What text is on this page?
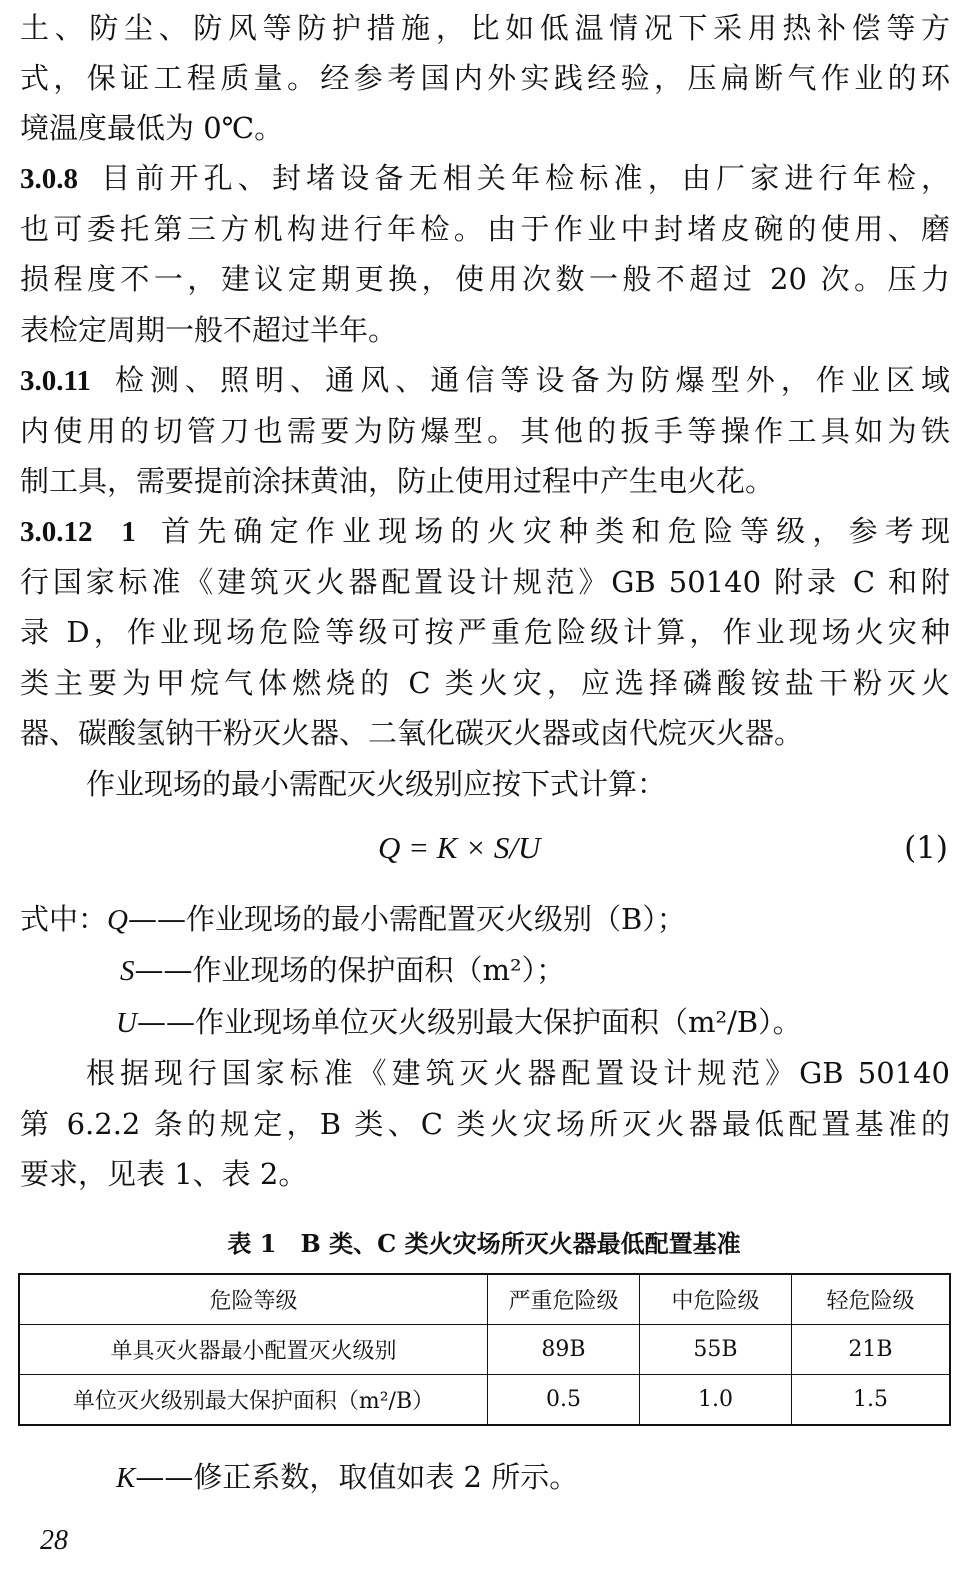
土、防尘、防风等防护措施，比如低温情况下采用热补偿等方
式，保证工程质量。经参考国内外实践经验，压扁断气作业的环
境温度最低为 0℃。
3.0.8 目前开孔、封堵设备无相关年检标准，由厂家进行年检，
也可委托第三方机构进行年检。由于作业中封堵皮碗的使用、磨
损程度不一，建议定期更换，使用次数一般不超过 20 次。压力
表检定周期一般不超过半年。
3.0.11 检测、照明、通风、通信等设备为防爆型外，作业区域
内使用的切管刀也需要为防爆型。其他的扳手等操作工具如为铁
制工具，需要提前涂抹黄油，防止使用过程中产生电火花。
3.0.12  1 首先确定作业现场的火灾种类和危险等级，参考现
行国家标准《建筑灭火器配置设计规范》GB 50140 附录 C 和附
录 D，作业现场危险等级可按严重危险级计算，作业现场火灾种
类主要为甲烷气体燃烧的 C 类火灾，应选择磷酸铵盐干粉灭火
器、碳酸氢钠干粉灭火器、二氧化碳灭火器或卤代烷灭火器。
作业现场的最小需配灭火级别应按下式计算：
Q = K × S/U	(1)
式中：Q——作业现场的最小需配置灭火级别（B）；
S——作业现场的保护面积（m²）；
U——作业现场单位灭火级别最大保护面积（m²/B）。
根据现行国家标准《建筑灭火器配置设计规范》GB 50140
第 6.2.2 条的规定，B 类、C 类火灾场所灭火器最低配置基准的
要求，见表 1、表 2。
表 1　B 类、C 类火灾场所灭火器最低配置基准
危险等级	严重危险级	中危险级	轻危险级
单具灭火器最小配置灭火级别	89B	55B	21B
单位灭火级别最大保护面积（m²/B）	0.5	1.0	1.5
K——修正系数，取值如表 2 所示。
28
